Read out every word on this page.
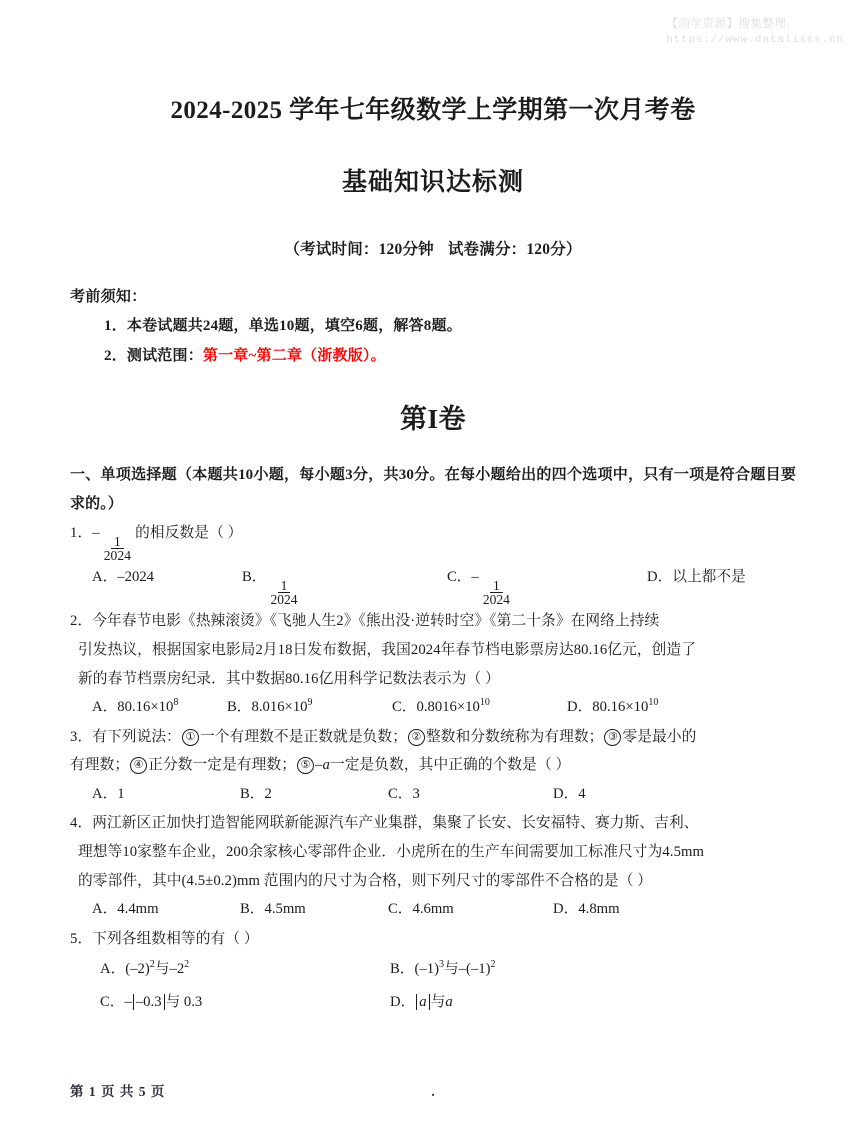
【尚学资源】搜集整理.
https://www.datalists.cn
2024-2025 学年七年级数学上学期第一次月考卷
基础知识达标测

（考试时间：120分钟 试卷满分：120分）

考前须知：
1．本卷试题共24题，单选10题，填空6题，解答8题。
2．测试范围：第一章~第二章（浙教版）。
第I卷
一、单项选择题（本题共10小题，每小题3分，共30分。在每小题给出的四个选项中，只有一项是符合题目要求的。）
1．–
$\frac{1}{2024}$
的相反数是（ ）
A．–2024	B．
$\frac{1}{2024}$
C．–
$\frac{1}{2024}$
D．以上都不是
2．今年春节电影《热辣滚烫》《飞驰人生2》《熊出没·逆转时空》《第二十条》在网络上持续
引发热议，根据国家电影局2月18日发布数据，我国2024年春节档电影票房达80.16亿元，创造了
新的春节档票房纪录．其中数据80.16亿用科学记数法表示为（ ）
A．$80.16\times 10^8$	B．$8.016\times 10^9$	C．$0.8016\times 10^{10}$	D．$80.16\times 10^{10}$
3．有下列说法： ① 一个有理数不是正数就是负数； ② 整数和分数统称为有理数； ③ 零是最小的
有理数； ④ 正分数一定是有理数； ⑤ –a一定是负数，其中正确的个数是（ ）
A．1	B．2	C．3	D．4
4．两江新区正加快打造智能网联新能源汽车产业集群，集聚了长安、长安福特、赛力斯、吉利、
理想等10家整车企业，200余家核心零部件企业．小虎所在的生产车间需要加工标准尺寸为4.5mm
的零部件，其中(4.5±0.2)mm 范围内的尺寸为合格，则下列尺寸的零部件不合格的是（ ）
A．4.4mm	B．4.5mm	C．4.6mm	D．4.8mm
5．下列各组数相等的有（ ）
A．$(-2)^2$与$-2^2$	B．$(-1)^3$与$-(-1)^2$
C．– –0.3 与 0.3	D． a 与a
第 1 页 共 5 页	.
